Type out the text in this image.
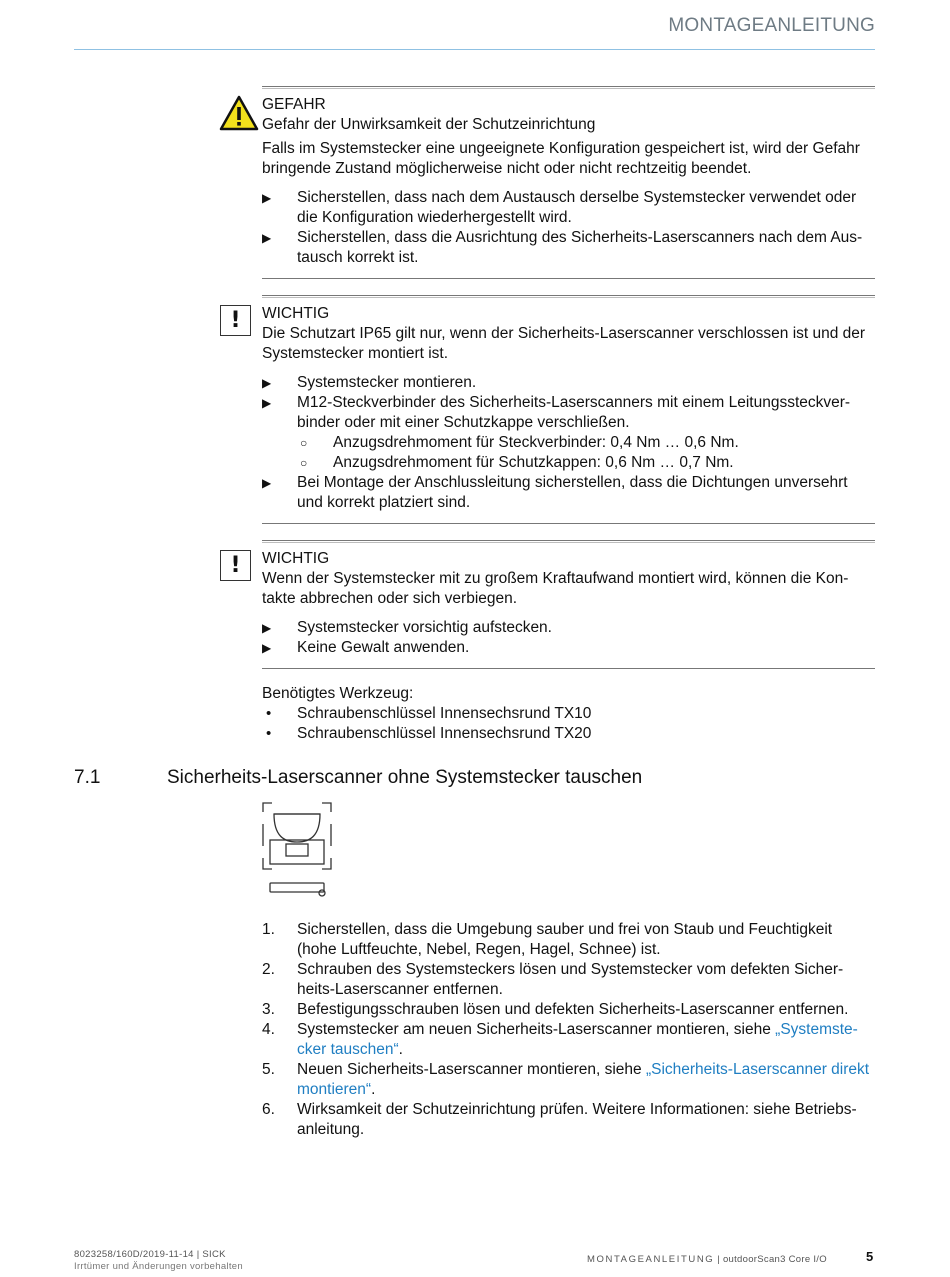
MONTAGEANLEITUNG
GEFAHR
Gefahr der Unwirksamkeit der Schutzeinrichtung
Falls im Systemstecker eine ungeeignete Konfiguration gespeichert ist, wird der Gefahr bringende Zustand möglicherweise nicht oder nicht rechtzeitig beendet.
▶ Sicherstellen, dass nach dem Austausch derselbe Systemstecker verwendet oder die Konfiguration wiederhergestellt wird.
▶ Sicherstellen, dass die Ausrichtung des Sicherheits-Laserscanners nach dem Aus-tausch korrekt ist.
!	WICHTIG
Die Schutzart IP65 gilt nur, wenn der Sicherheits-Laserscanner verschlossen ist und der Systemstecker montiert ist.
▶ Systemstecker montieren.
▶ M12-Steckverbinder des Sicherheits-Laserscanners mit einem Leitungssteckver-binder oder mit einer Schutzkappe verschließen.
○ Anzugsdrehmoment für Steckverbinder: 0,4 Nm … 0,6 Nm.
○ Anzugsdrehmoment für Schutzkappen: 0,6 Nm … 0,7 Nm.
▶ Bei Montage der Anschlussleitung sicherstellen, dass die Dichtungen unversehrt und korrekt platziert sind.
!	WICHTIG
Wenn der Systemstecker mit zu großem Kraftaufwand montiert wird, können die Kon-takte abbrechen oder sich verbiegen.
▶ Systemstecker vorsichtig aufstecken.
▶ Keine Gewalt anwenden.
Benötigtes Werkzeug:
• Schraubenschlüssel Innensechsrund TX10
• Schraubenschlüssel Innensechsrund TX20
7.1	Sicherheits-Laserscanner ohne Systemstecker tauschen
1. Sicherstellen, dass die Umgebung sauber und frei von Staub und Feuchtigkeit (hohe Luftfeuchte, Nebel, Regen, Hagel, Schnee) ist.
2. Schrauben des Systemsteckers lösen und Systemstecker vom defekten Sicher-heits-Laserscanner entfernen.
3. Befestigungsschrauben lösen und defekten Sicherheits-Laserscanner entfernen.
4. Systemstecker am neuen Sicherheits-Laserscanner montieren, siehe „Systemste-cker tauschen“.
5. Neuen Sicherheits-Laserscanner montieren, siehe „Sicherheits-Laserscanner direkt montieren“.
6. Wirksamkeit der Schutzeinrichtung prüfen. Weitere Informationen: siehe Betriebs-anleitung.
8023258/160D/2019-11-14 | SICK
Irrtümer und Änderungen vorbehalten
MONTAGEANLEITUNG | outdoorScan3 Core I/O	5
